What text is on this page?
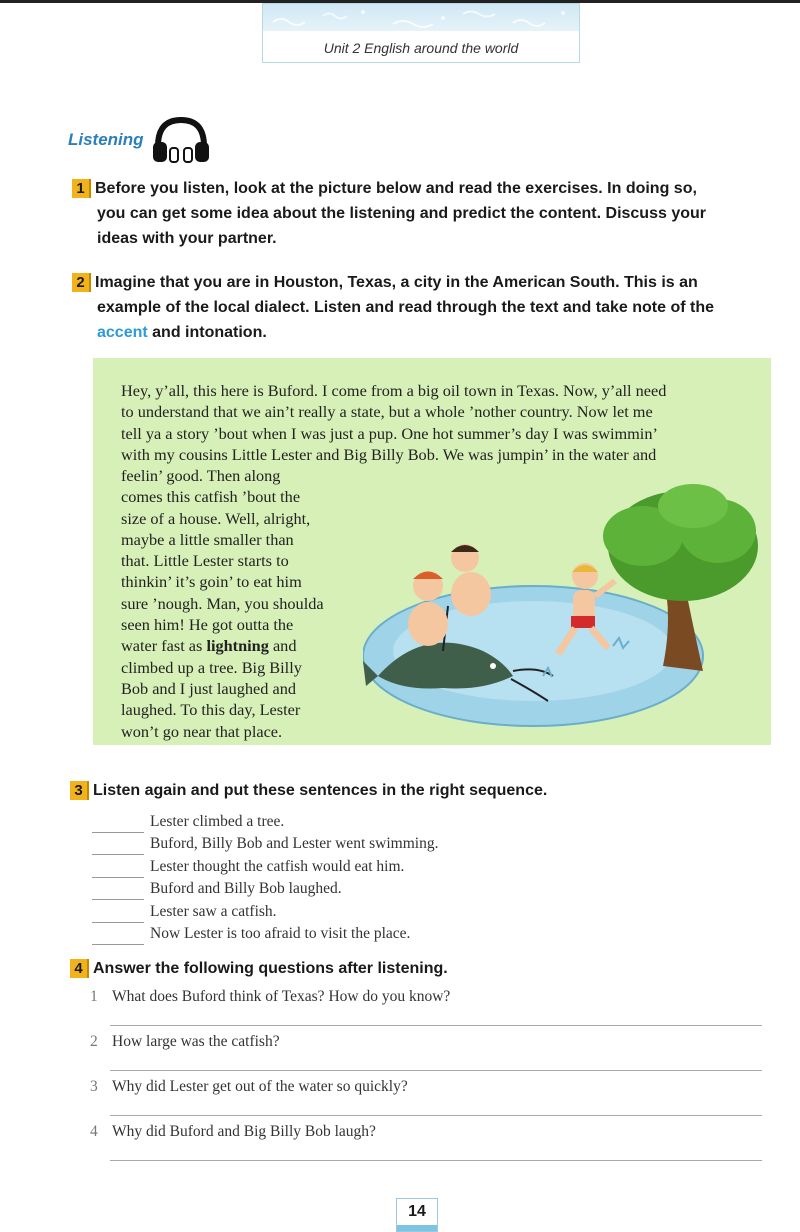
Unit 2 English around the world
Listening
1 Before you listen, look at the picture below and read the exercises. In doing so,
you can get some idea about the listening and predict the content. Discuss your
ideas with your partner.
2 Imagine that you are in Houston, Texas, a city in the American South. This is an
example of the local dialect. Listen and read through the text and take note of the
accent and intonation.
Hey, y’all, this here is Buford. I come from a big oil town in Texas. Now, y’all need
to understand that we ain’t really a state, but a whole ’nother country. Now let me
tell ya a story ’bout when I was just a pup. One hot summer’s day I was swimmin’
with my cousins Little Lester and Big Billy Bob. We was jumpin’ in the water and
feelin’ good. Then along
comes this catfish ’bout the
size of a house. Well, alright,
maybe a little smaller than
that. Little Lester starts to
thinkin’ it’s goin’ to eat him
sure ’nough. Man, you shoulda
seen him! He got outta the
water fast as lightning and
climbed up a tree. Big Billy
Bob and I just laughed and
laughed. To this day, Lester
won’t go near that place.
3 Listen again and put these sentences in the right sequence.
Lester climbed a tree.
Buford, Billy Bob and Lester went swimming.
Lester thought the catfish would eat him.
Buford and Billy Bob laughed.
Lester saw a catfish.
Now Lester is too afraid to visit the place.
4 Answer the following questions after listening.
1 What does Buford think of Texas? How do you know?
2 How large was the catfish?
3 Why did Lester get out of the water so quickly?
4 Why did Buford and Big Billy Bob laugh?
14
